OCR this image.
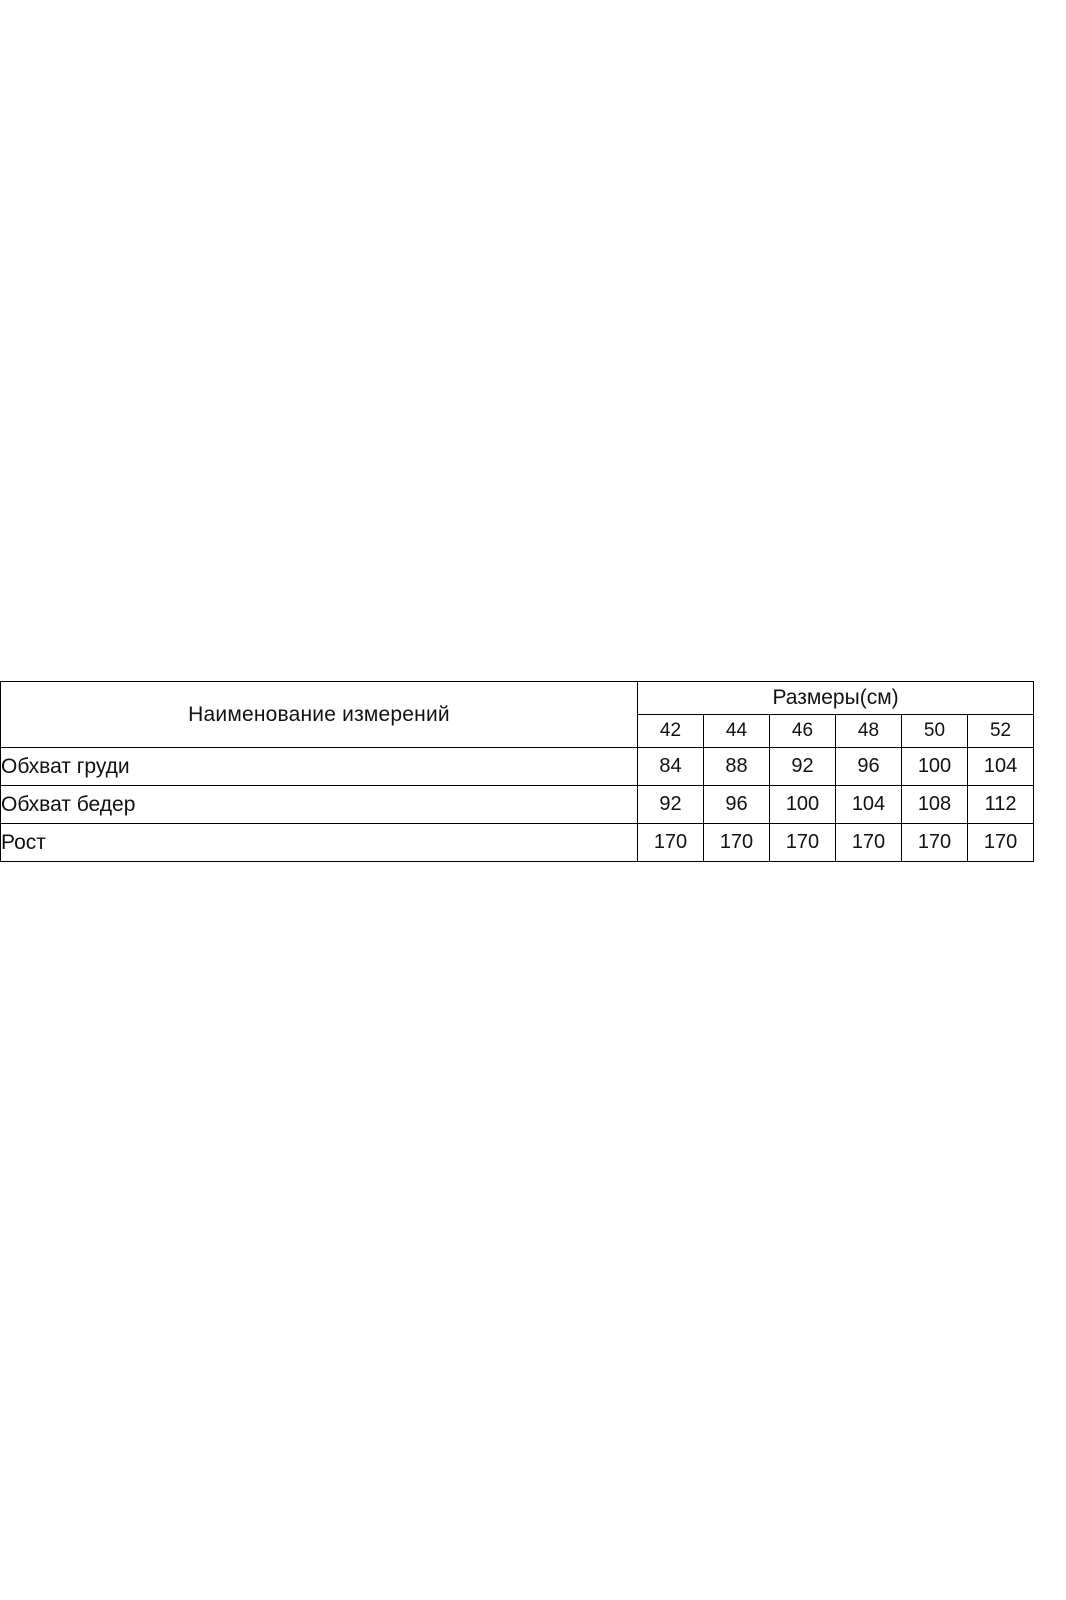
Наименование измерений	Размеры(см)					
	42	44	46	48	50	52
Обхват груди	84	88	92	96	100	104
Обхват бедер	92	96	100	104	108	112
Рост	170	170	170	170	170	170
